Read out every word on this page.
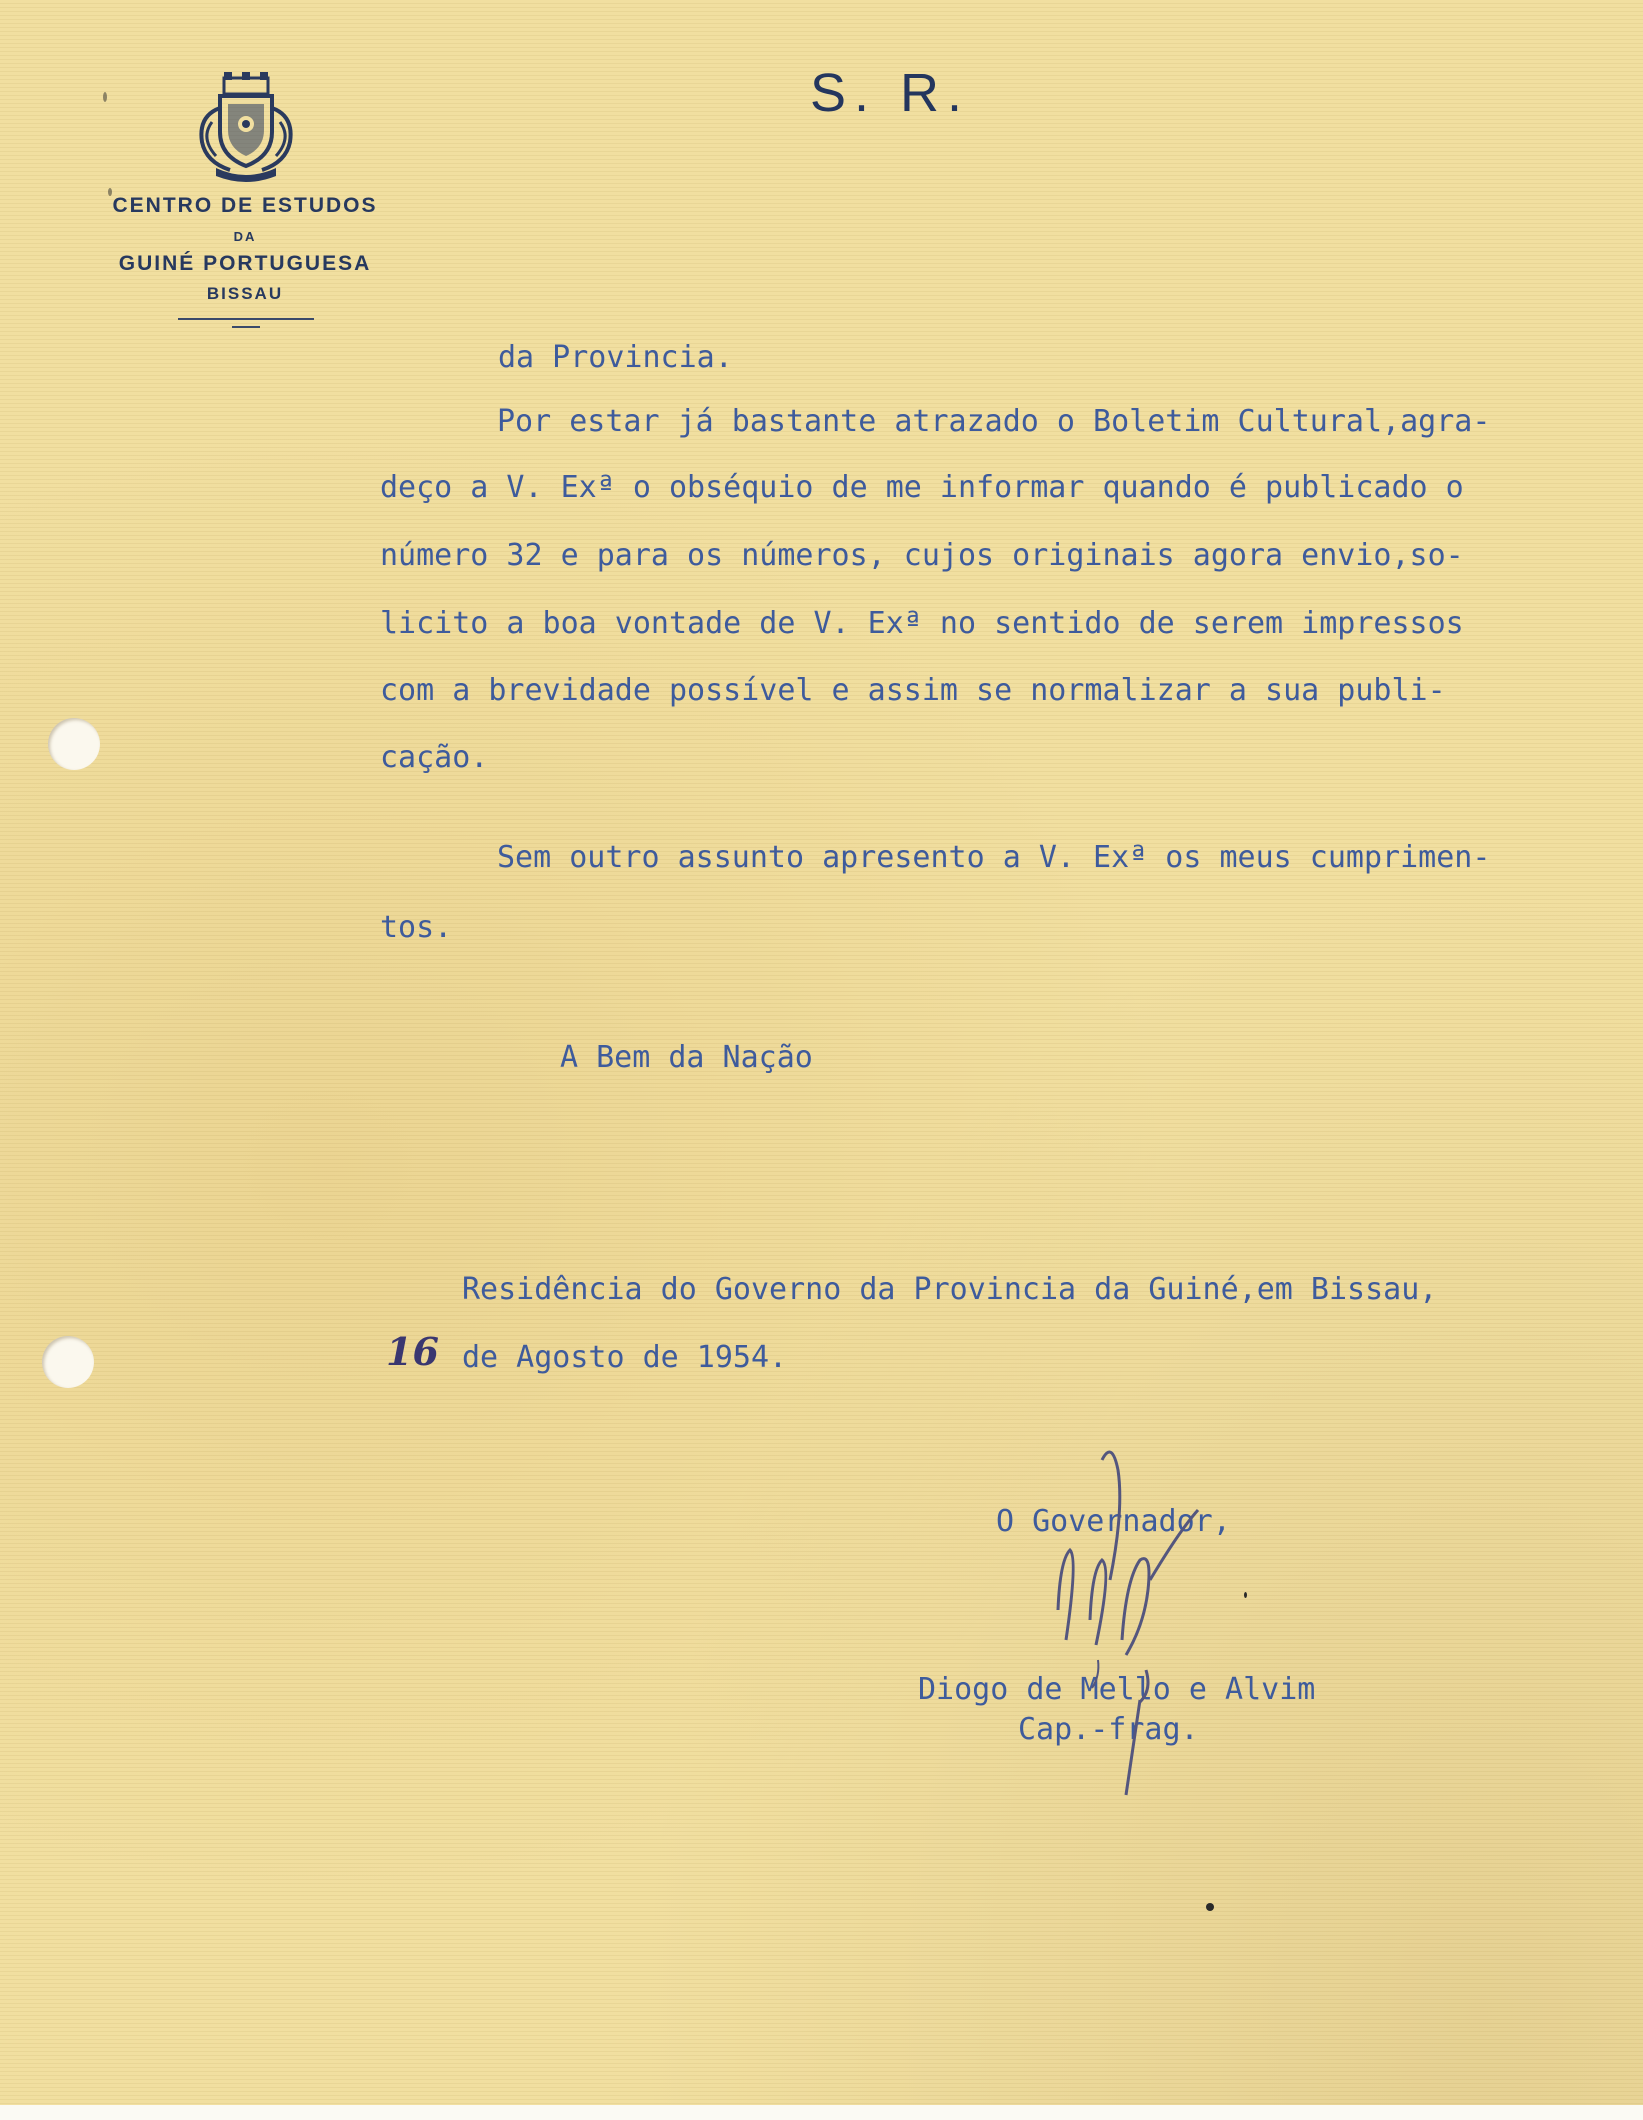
CENTRO DE ESTUDOS
DA
GUINÉ PORTUGUESA
BISSAU
S. R.
da Provincia.
Por estar já bastante atrazado o Boletim Cultural,agra-
deço a V. Exª o obséquio de me informar quando é publicado o
número 32 e para os números, cujos originais agora envio,so-
licito a boa vontade de V. Exª no sentido de serem impressos
com a brevidade possível e assim se normalizar a sua publi-
cação.
Sem outro assunto apresento a V. Exª os meus cumprimen-
tos.
A Bem da Nação
Residência do Governo da Provincia da Guiné,em Bissau,
16 de Agosto de 1954.
O Governador,
Diogo de Mello e Alvim
Cap.-frag.
